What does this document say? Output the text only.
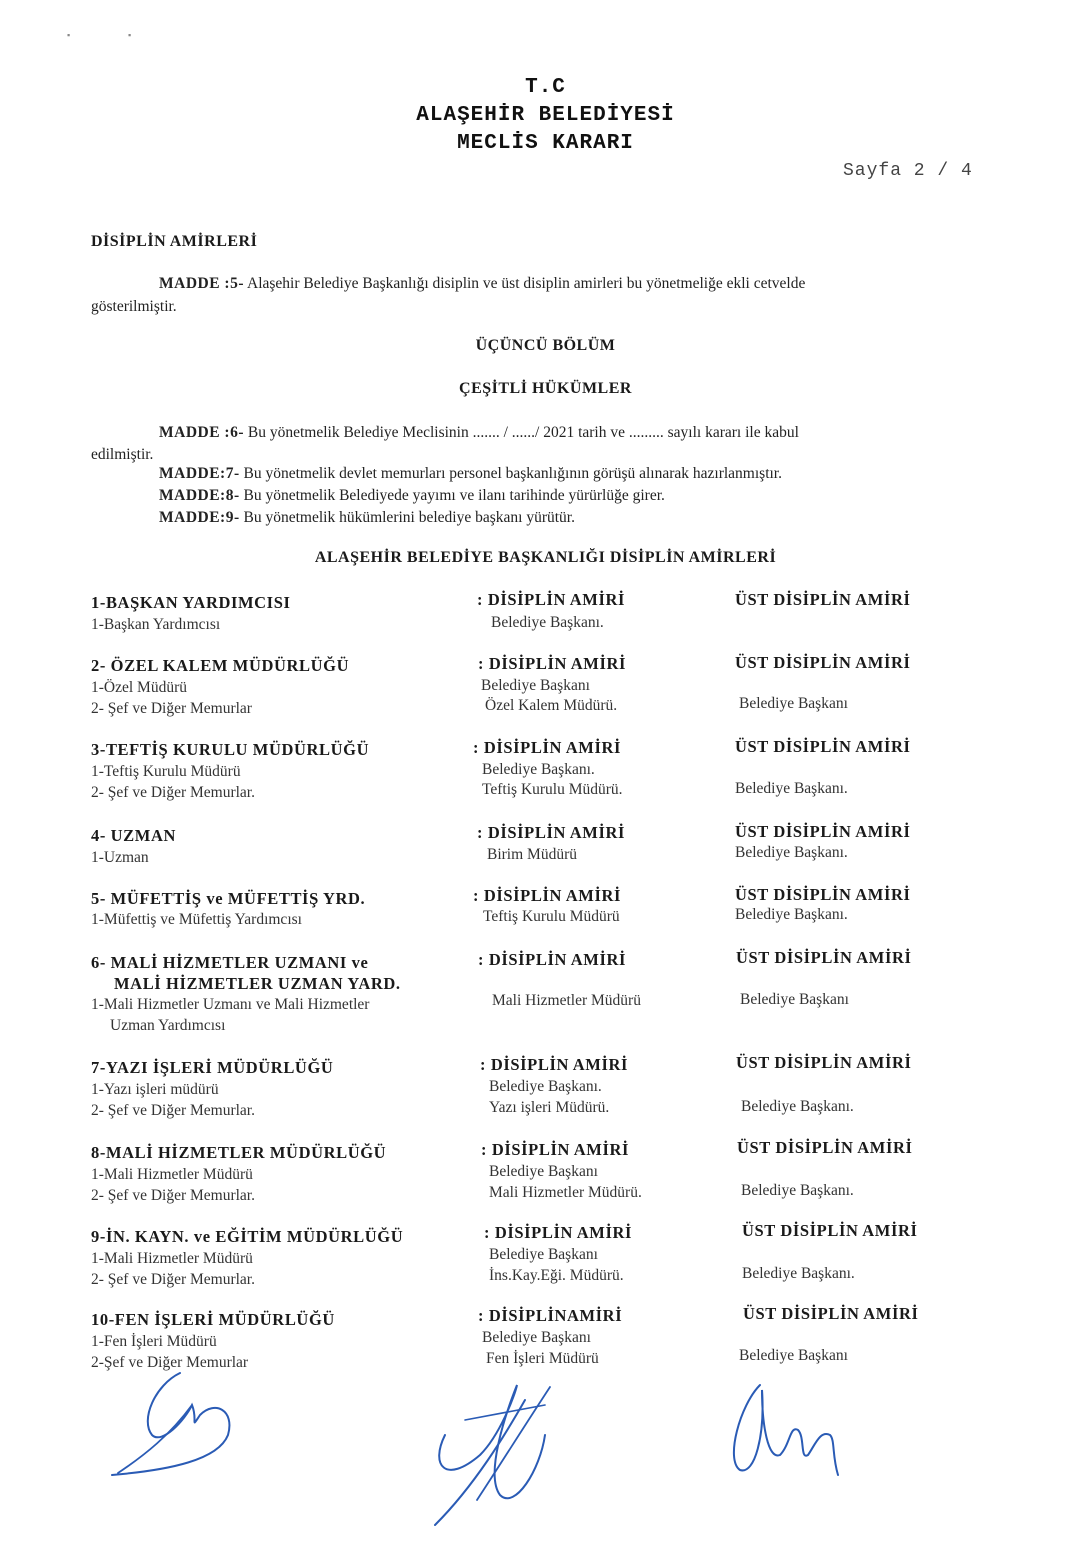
▪	▪
T.C
ALAŞEHİR BELEDİYESİ
MECLİS KARARI
Sayfa 2 / 4
DİSİPLİN AMİRLERİ
MADDE :5- Alaşehir Belediye Başkanlığı disiplin ve üst disiplin amirleri bu yönetmeliğe ekli cetvelde
gösterilmiştir.
ÜÇÜNCÜ BÖLÜM
ÇEŞİTLİ HÜKÜMLER
MADDE :6- Bu yönetmelik Belediye Meclisinin ....... / ....../ 2021 tarih ve ......... sayılı kararı ile kabul
edilmiştir.
MADDE:7- Bu yönetmelik devlet memurları personel başkanlığının görüşü alınarak hazırlanmıştır.
MADDE:8- Bu yönetmelik Belediyede yayımı ve ilanı tarihinde yürürlüğe girer.
MADDE:9- Bu yönetmelik hükümlerini belediye başkanı yürütür.
ALAŞEHİR BELEDİYE BAŞKANLIĞI DİSİPLİN AMİRLERİ
1-BAŞKAN YARDIMCISI
1-Başkan Yardımcısı
: DİSİPLİN AMİRİ
Belediye Başkanı.
ÜST DİSİPLİN AMİRİ
2- ÖZEL KALEM MÜDÜRLÜĞÜ
1-Özel Müdürü
2- Şef ve Diğer Memurlar
: DİSİPLİN AMİRİ
Belediye Başkanı
Özel Kalem Müdürü.
ÜST DİSİPLİN AMİRİ
Belediye Başkanı
3-TEFTİŞ KURULU MÜDÜRLÜĞÜ
1-Teftiş Kurulu Müdürü
2- Şef ve Diğer Memurlar.
: DİSİPLİN AMİRİ
Belediye Başkanı.
Teftiş Kurulu Müdürü.
ÜST DİSİPLİN AMİRİ
Belediye Başkanı.
4- UZMAN
1-Uzman
: DİSİPLİN AMİRİ
Birim Müdürü
ÜST DİSİPLİN AMİRİ
Belediye Başkanı.
5- MÜFETTİŞ ve MÜFETTİŞ YRD.
1-Müfettiş ve Müfettiş Yardımcısı
: DİSİPLİN AMİRİ
Teftiş Kurulu Müdürü
ÜST DİSİPLİN AMİRİ
Belediye Başkanı.
6- MALİ HİZMETLER UZMANI ve
MALİ HİZMETLER UZMAN YARD.
1-Mali Hizmetler Uzmanı ve Mali Hizmetler
Uzman Yardımcısı
: DİSİPLİN AMİRİ
Mali Hizmetler Müdürü
ÜST DİSİPLİN AMİRİ
Belediye Başkanı
7-YAZI İŞLERİ MÜDÜRLÜĞÜ
1-Yazı işleri müdürü
2- Şef ve Diğer Memurlar.
: DİSİPLİN AMİRİ
Belediye Başkanı.
Yazı işleri Müdürü.
ÜST DİSİPLİN AMİRİ
Belediye Başkanı.
8-MALİ HİZMETLER MÜDÜRLÜĞÜ
1-Mali Hizmetler Müdürü
2- Şef ve Diğer Memurlar.
: DİSİPLİN AMİRİ
Belediye Başkanı
Mali Hizmetler Müdürü.
ÜST DİSİPLİN AMİRİ
Belediye Başkanı.
9-İN. KAYN. ve EĞİTİM MÜDÜRLÜĞÜ
1-Mali Hizmetler Müdürü
2- Şef ve Diğer Memurlar.
: DİSİPLİN AMİRİ
Belediye Başkanı
İns.Kay.Eği. Müdürü.
ÜST DİSİPLİN AMİRİ
Belediye Başkanı.
10-FEN İŞLERİ MÜDÜRLÜĞÜ
1-Fen İşleri Müdürü
2-Şef ve Diğer Memurlar
: DİSİPLİNAMİRİ
Belediye Başkanı
Fen İşleri Müdürü
ÜST DİSİPLİN AMİRİ
Belediye Başkanı
